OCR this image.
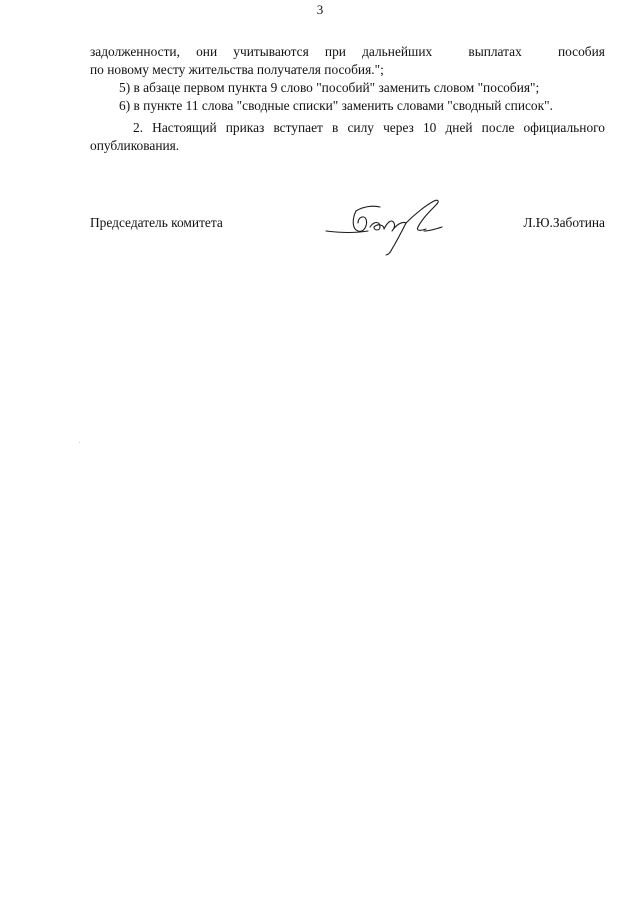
3
задолженности, они учитываются при дальнейших	выплатах	пособия

по новому месту жительства получателя пособия.";

5) в абзаце первом пункта 9 слово "пособий" заменить словом "пособия";

6) в пункте 11 слова "сводные списки" заменить словами "сводный список".

2. Настоящий приказ вступает в силу через 10 дней после официального опубликования.

Председатель комитета	Л.Ю.Заботина
